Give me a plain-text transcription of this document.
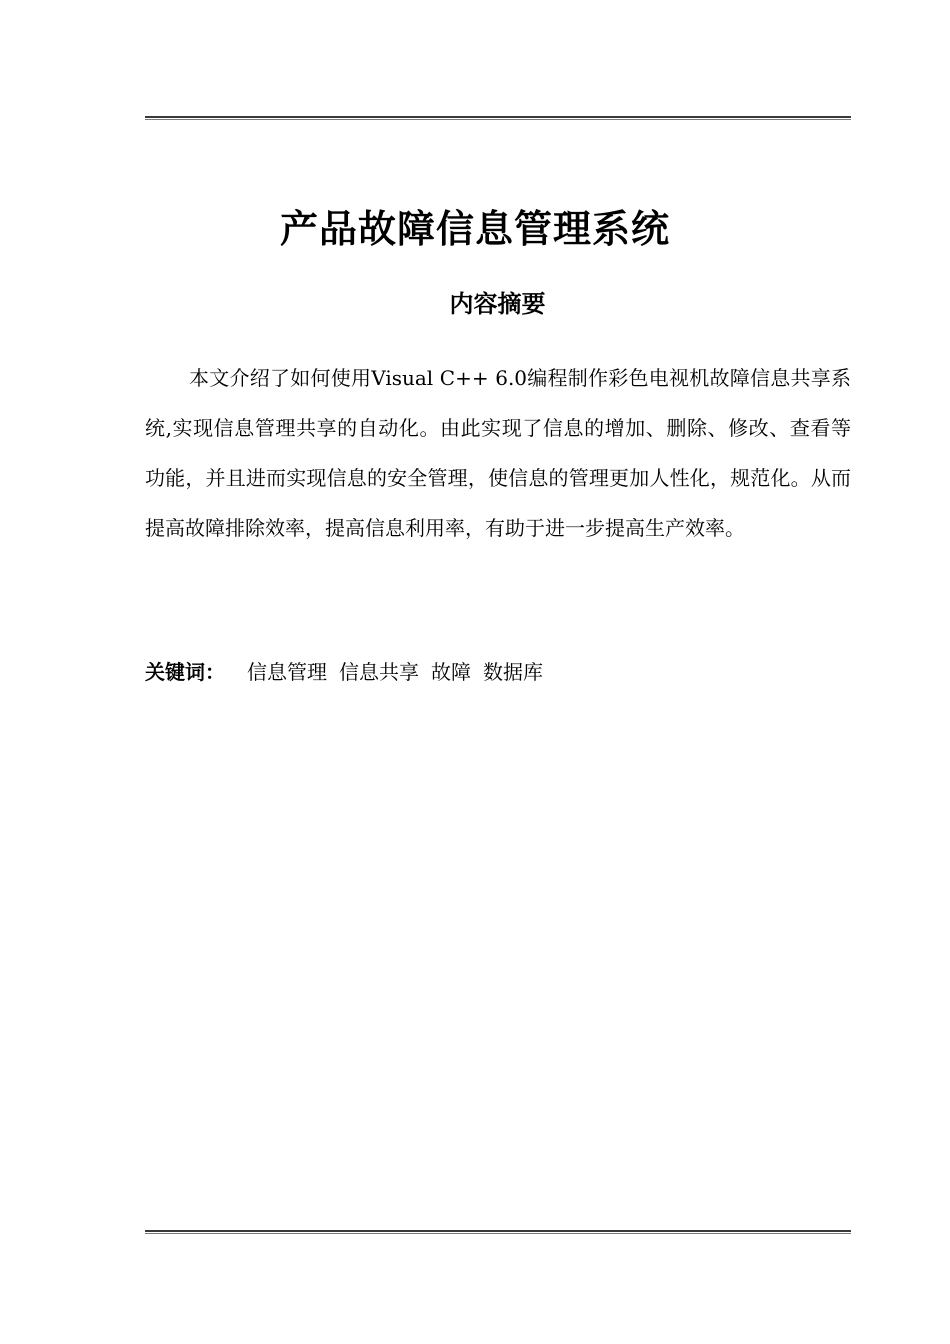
产品故障信息管理系统
内容摘要

本文介绍了如何使用Visual C++ 6.0编程制作彩色电视机故障信息共享系统,实现信息管理共享的自动化。由此实现了信息的增加、删除、修改、查看等功能，并且进而实现信息的安全管理，使信息的管理更加人性化，规范化。从而提高故障排除效率，提高信息利用率，有助于进一步提高生产效率。

关键词： 信息管理 信息共享 故障 数据库
